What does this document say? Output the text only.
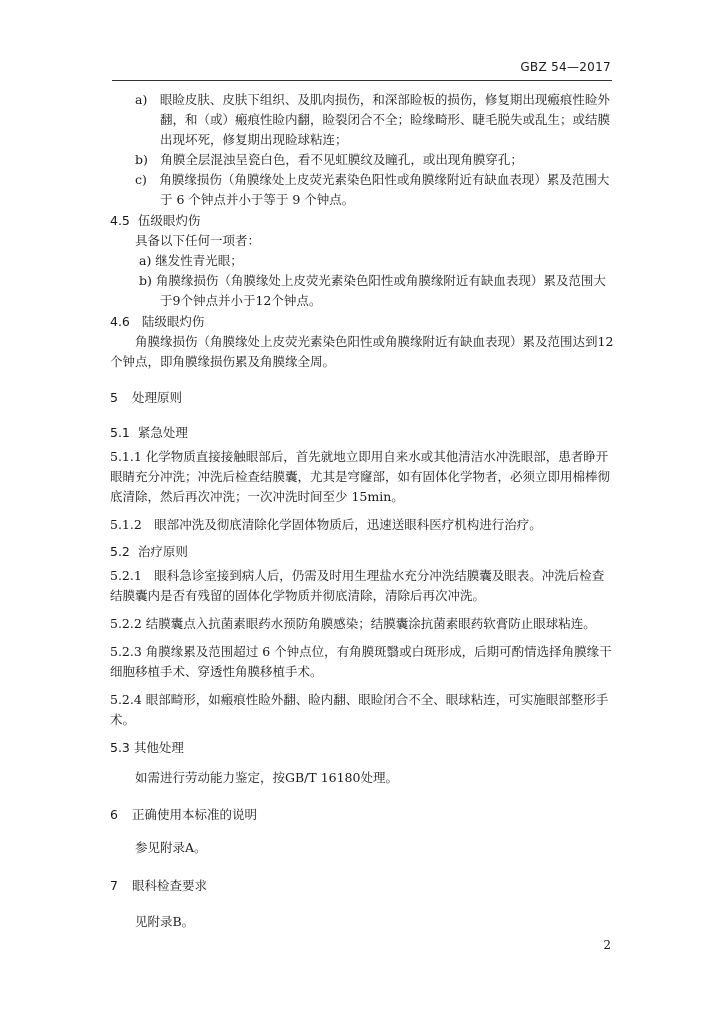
GBZ 54—2017
a)　眼睑皮肤、皮肤下组织、及肌肉损伤，和深部睑板的损伤，修复期出现瘢痕性睑外
翻，和（或）瘢痕性睑内翻，睑裂闭合不全；睑缘畸形、睫毛脱失或乱生；或结膜
出现坏死，修复期出现睑球粘连；
b)　角膜全层混浊呈瓷白色，看不见虹膜纹及瞳孔，或出现角膜穿孔；
c)　角膜缘损伤（角膜缘处上皮荧光素染色阳性或角膜缘附近有缺血表现）累及范围大
于 6 个钟点并小于等于 9 个钟点。
4.5 伍级眼灼伤
具备以下任何一项者：
a) 继发性青光眼；
b) 角膜缘损伤（角膜缘处上皮荧光素染色阳性或角膜缘附近有缺血表现）累及范围大
于9个钟点并小于12个钟点。
4.6 陆级眼灼伤
角膜缘损伤（角膜缘处上皮荧光素染色阳性或角膜缘附近有缺血表现）累及范围达到12
个钟点，即角膜缘损伤累及角膜缘全周。
5 处理原则
5.1 紧急处理
5.1.1 化学物质直接接触眼部后，首先就地立即用自来水或其他清洁水冲洗眼部，患者睁开
眼睛充分冲洗；冲洗后检查结膜囊，尤其是穹窿部，如有固体化学物者，必须立即用棉棒彻
底清除，然后再次冲洗；一次冲洗时间至少 15min。
5.1.2　眼部冲洗及彻底清除化学固体物质后，迅速送眼科医疗机构进行治疗。
5.2 治疗原则
5.2.1　眼科急诊室接到病人后，仍需及时用生理盐水充分冲洗结膜囊及眼表。冲洗后检查
结膜囊内是否有残留的固体化学物质并彻底清除，清除后再次冲洗。
5.2.2 结膜囊点入抗菌素眼药水预防角膜感染；结膜囊涂抗菌素眼药软膏防止眼球粘连。
5.2.3 角膜缘累及范围超过 6 个钟点位，有角膜斑翳或白斑形成，后期可酌情选择角膜缘干
细胞移植手术、穿透性角膜移植手术。
5.2.4 眼部畸形，如瘢痕性睑外翻、睑内翻、眼睑闭合不全、眼球粘连，可实施眼部整形手
术。
5.3 其他处理
如需进行劳动能力鉴定，按GB/T 16180处理。
6 正确使用本标准的说明
参见附录A。
7 眼科检查要求
见附录B。
2
